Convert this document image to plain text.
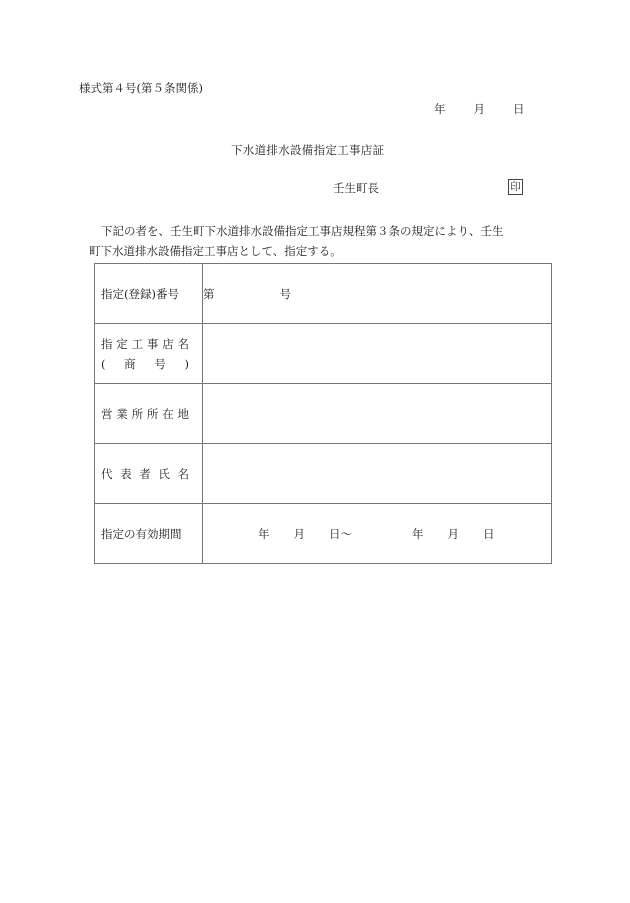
様式第４号(第５条関係)
年 月 日
下水道排水設備指定工事店証
壬生町長	印
下記の者を、壬生町下水道排水設備指定工事店規程第３条の規定により、壬生
町下水道排水設備指定工事店として、指定する。
指定(登録)番号	第 号

指 定 工 事 店 名
( 商 号 )

営 業 所 所 在 地

代 表 者 氏 名	

指定の有効期間	年 月 日～ 年 月 日
